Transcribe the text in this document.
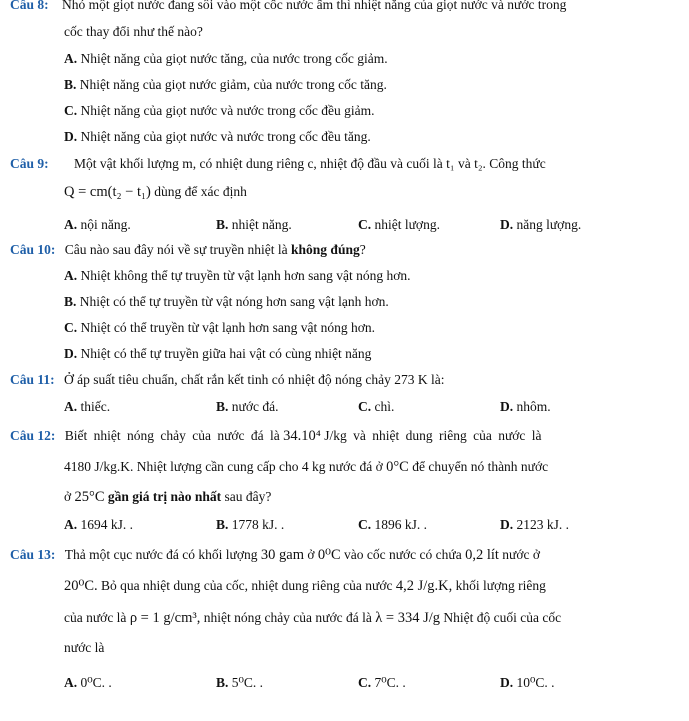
Câu 8: Nhỏ một giọt nước đang sôi vào một cốc nước ấm thì nhiệt năng của giọt nước và nước trong
cốc thay đổi như thế nào?
A. Nhiệt năng của giọt nước tăng, của nước trong cốc giảm.
B. Nhiệt năng của giọt nước giảm, của nước trong cốc tăng.
C. Nhiệt năng của giọt nước và nước trong cốc đều giảm.
D. Nhiệt năng của giọt nước và nước trong cốc đều tăng.
Câu 9: Một vật khối lượng m, có nhiệt dung riêng c, nhiệt độ đầu và cuối là t₁ và t₂. Công thức
Q = cm(t₂ − t₁) dùng để xác định
A. nội năng.	B. nhiệt năng.	C. nhiệt lượng.	D. năng lượng.
Câu 10: Câu nào sau đây nói về sự truyền nhiệt là không đúng?
A. Nhiệt không thể tự truyền từ vật lạnh hơn sang vật nóng hơn.
B. Nhiệt có thể tự truyền từ vật nóng hơn sang vật lạnh hơn.
C. Nhiệt có thể truyền từ vật lạnh hơn sang vật nóng hơn.
D. Nhiệt có thể tự truyền giữa hai vật có cùng nhiệt năng
Câu 11: Ở áp suất tiêu chuẩn, chất rắn kết tinh có nhiệt độ nóng chảy 273 K là:
A. thiếc.	B. nước đá.	C. chì.	D. nhôm.
Câu 12: Biết nhiệt nóng chảy của nước đá là 34.10⁴ J/kg và nhiệt dung riêng của nước là
4180 J/kg.K. Nhiệt lượng cần cung cấp cho 4 kg nước đá ở 0°C để chuyển nó thành nước
ở 25°C gần giá trị nào nhất sau đây?
A. 1694 kJ. .	B. 1778 kJ. .	C. 1896 kJ. .	D. 2123 kJ. .
Câu 13: Thả một cục nước đá có khối lượng 30 gam ở 0⁰C vào cốc nước có chứa 0,2 lít nước ở
20⁰C. Bỏ qua nhiệt dung của cốc, nhiệt dung riêng của nước 4,2 J/g.K, khối lượng riêng
của nước là ρ = 1 g/cm³, nhiệt nóng chảy của nước đá là λ = 334 J/g Nhiệt độ cuối của cốc
nước là
A. 0⁰C. .	B. 5⁰C. .	C. 7⁰C. .	D. 10⁰C. .
